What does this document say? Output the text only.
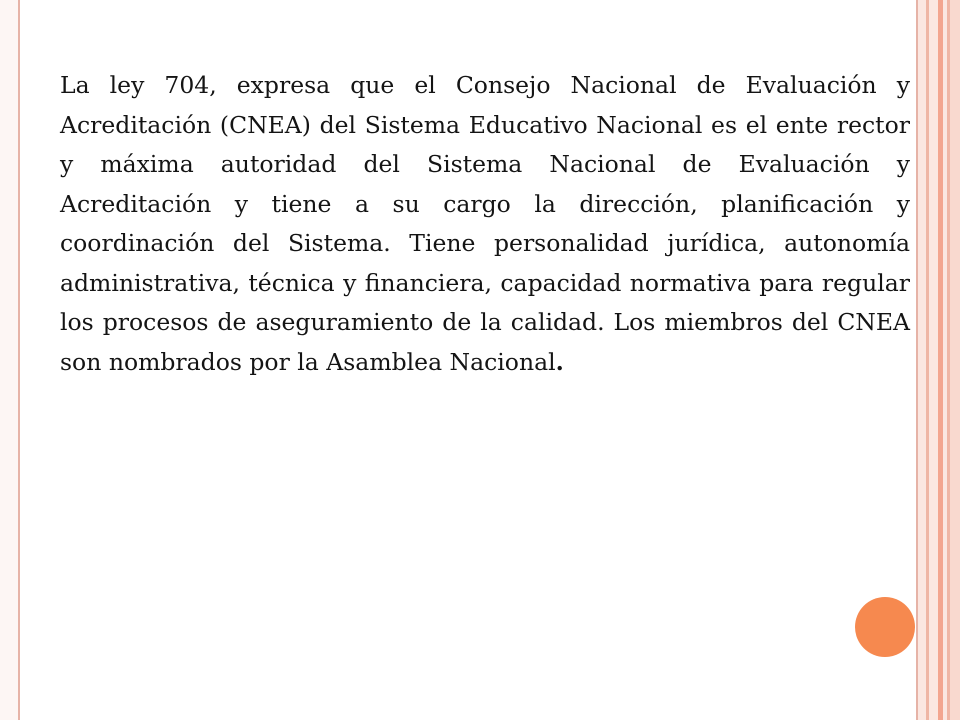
La ley 704, expresa que el Consejo Nacional de Evaluación y Acreditación (CNEA) del Sistema Educativo Nacional es el ente rector y máxima autoridad del Sistema Nacional de Evaluación y Acreditación y tiene a su cargo la dirección, planificación y coordinación del Sistema. Tiene personalidad jurídica, autonomía administrativa, técnica y financiera, capacidad normativa para regular los procesos de aseguramiento de la calidad. Los miembros del CNEA son nombrados por la Asamblea Nacional.
